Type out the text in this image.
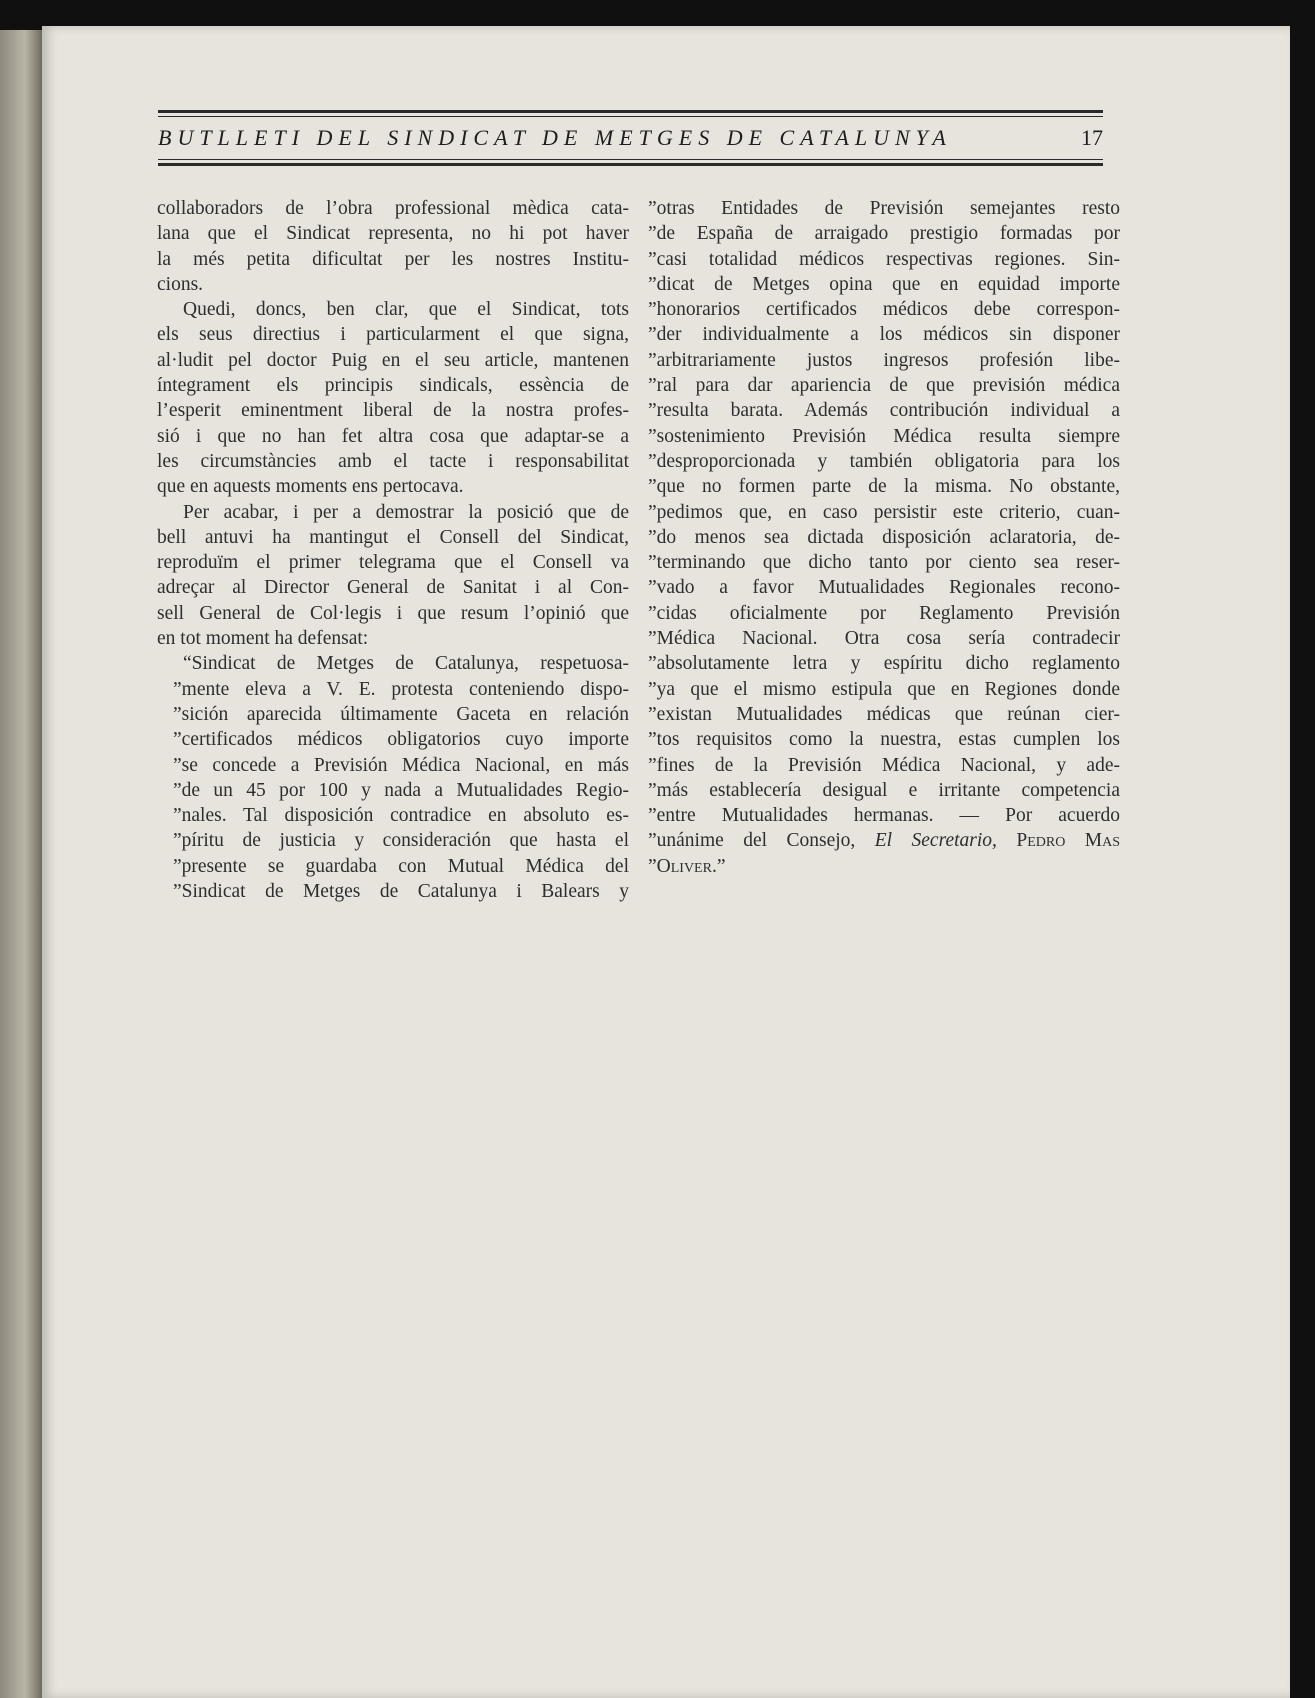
BUTLLETI DEL SINDICAT DE METGES DE CATALUNYA	17
collaboradors de l’obra professional mèdica cata-
lana que el Sindicat representa, no hi pot haver
la més petita dificultat per les nostres Institu-
cions.
Quedi, doncs, ben clar, que el Sindicat, tots
els seus directius i particularment el que signa,
al·ludit pel doctor Puig en el seu article, mantenen
íntegrament els principis sindicals, essència de
l’esperit eminentment liberal de la nostra profes-
sió i que no han fet altra cosa que adaptar-se a
les circumstàncies amb el tacte i responsabilitat
que en aquests moments ens pertocava.
Per acabar, i per a demostrar la posició que de
bell antuvi ha mantingut el Consell del Sindicat,
reproduïm el primer telegrama que el Consell va
adreçar al Director General de Sanitat i al Con-
sell General de Col·legis i que resum l’opinió que
en tot moment ha defensat:
“Sindicat de Metges de Catalunya, respetuosa-
”mente eleva a V. E. protesta conteniendo dispo-
”sición aparecida últimamente Gaceta en relación
”certificados médicos obligatorios cuyo importe
”se concede a Previsión Médica Nacional, en más
”de un 45 por 100 y nada a Mutualidades Regio-
”nales. Tal disposición contradice en absoluto es-
”píritu de justicia y consideración que hasta el
”presente se guardaba con Mutual Médica del
”Sindicat de Metges de Catalunya i Balears y
”otras Entidades de Previsión semejantes resto
”de España de arraigado prestigio formadas por
”casi totalidad médicos respectivas regiones. Sin-
”dicat de Metges opina que en equidad importe
”honorarios certificados médicos debe correspon-
”der individualmente a los médicos sin disponer
”arbitrariamente justos ingresos profesión libe-
”ral para dar apariencia de que previsión médica
”resulta barata. Además contribución individual a
”sostenimiento Previsión Médica resulta siempre
”desproporcionada y también obligatoria para los
”que no formen parte de la misma. No obstante,
”pedimos que, en caso persistir este criterio, cuan-
”do menos sea dictada disposición aclaratoria, de-
”terminando que dicho tanto por ciento sea reser-
”vado a favor Mutualidades Regionales recono-
”cidas oficialmente por Reglamento Previsión
”Médica Nacional. Otra cosa sería contradecir
”absolutamente letra y espíritu dicho reglamento
”ya que el mismo estipula que en Regiones donde
”existan Mutualidades médicas que reúnan cier-
”tos requisitos como la nuestra, estas cumplen los
”fines de la Previsión Médica Nacional, y ade-
”más establecería desigual e irritante competencia
”entre Mutualidades hermanas. — Por acuerdo
”unánime del Consejo, El Secretario, Pedro Mas
”Oliver.”
